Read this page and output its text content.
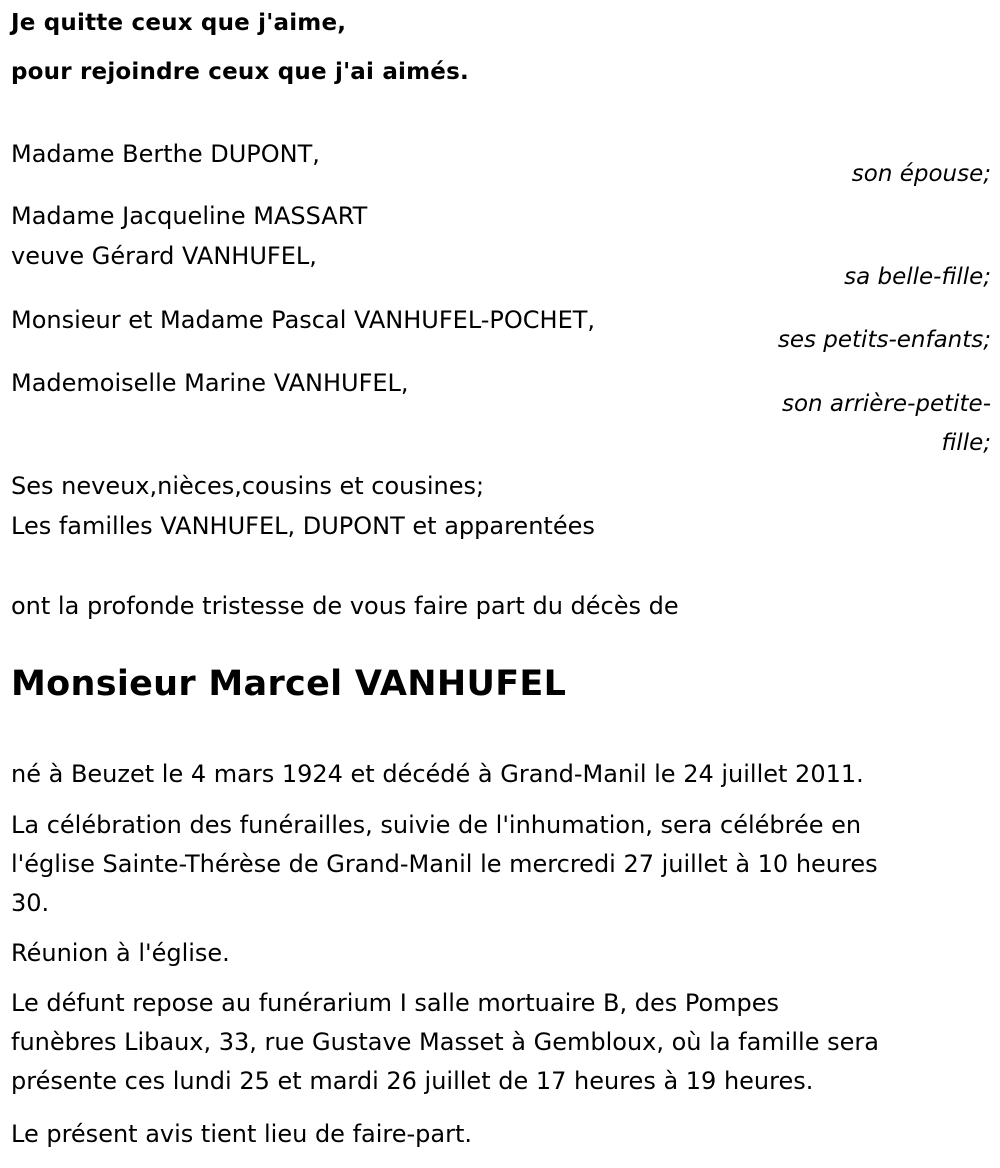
Je quitte ceux que j'aime,

pour rejoindre ceux que j'ai aimés.

Madame Berthe DUPONT,
son épouse;
Madame Jacqueline MASSART
veuve Gérard VANHUFEL,
sa belle-fille;
Monsieur et Madame Pascal VANHUFEL-POCHET,
ses petits-enfants;
Mademoiselle Marine VANHUFEL,
son arrière-petite-
fille;
Ses neveux,nièces,cousins et cousines;
Les familles VANHUFEL, DUPONT et apparentées
ont la profonde tristesse de vous faire part du décès de
Monsieur Marcel VANHUFEL
né à Beuzet le 4 mars 1924 et décédé à Grand-Manil le 24 juillet 2011.
La célébration des funérailles, suivie de l'inhumation, sera célébrée en
l'église Sainte-Thérèse de Grand-Manil le mercredi 27 juillet à 10 heures
30.
Réunion à l'église.
Le défunt repose au funérarium I salle mortuaire B, des Pompes
funèbres Libaux, 33, rue Gustave Masset à Gembloux, où la famille sera
présente ces lundi 25 et mardi 26 juillet de 17 heures à 19 heures.
Le présent avis tient lieu de faire-part.
